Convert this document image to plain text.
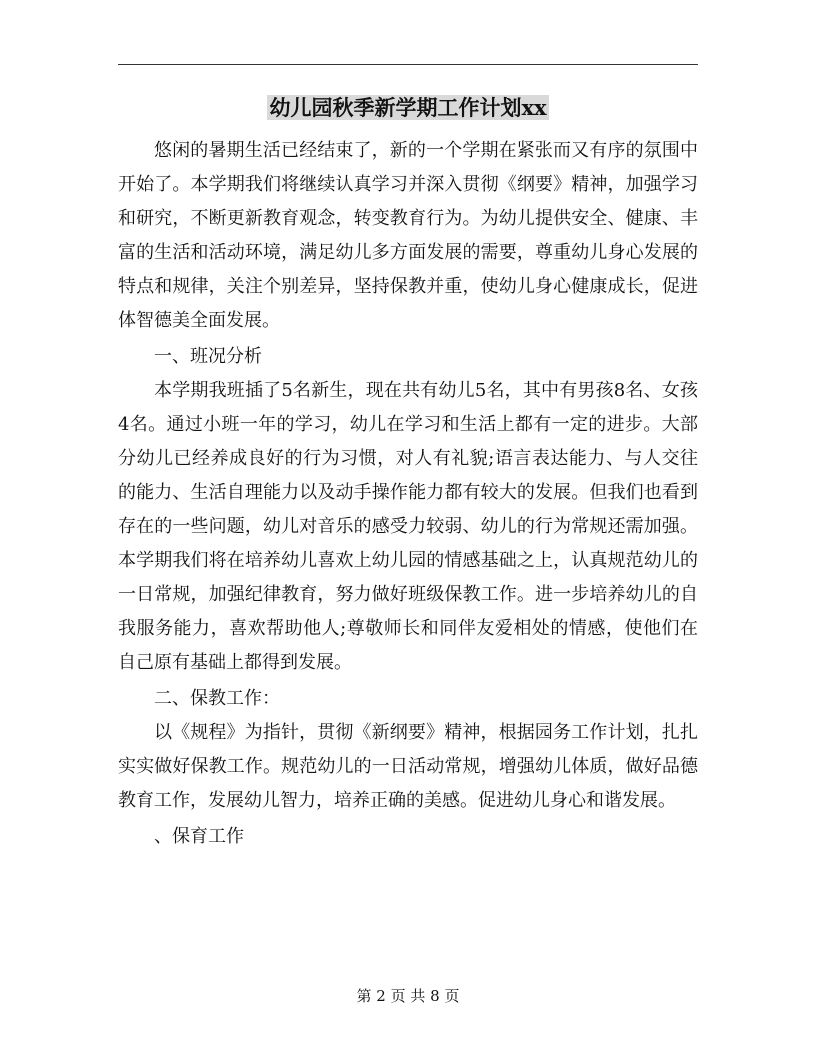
幼儿园秋季新学期工作计划xx

悠闲的暑期生活已经结束了，新的一个学期在紧张而又有序的氛围中开始了。本学期我们将继续认真学习并深入贯彻《纲要》精神，加强学习和研究，不断更新教育观念，转变教育行为。为幼儿提供安全、健康、丰富的生活和活动环境，满足幼儿多方面发展的需要，尊重幼儿身心发展的特点和规律，关注个别差异，坚持保教并重，使幼儿身心健康成长，促进体智德美全面发展。

一、班况分析

本学期我班插了5名新生，现在共有幼儿5名，其中有男孩8名、女孩4名。通过小班一年的学习，幼儿在学习和生活上都有一定的进步。大部分幼儿已经养成良好的行为习惯，对人有礼貌;语言表达能力、与人交往的能力、生活自理能力以及动手操作能力都有较大的发展。但我们也看到存在的一些问题，幼儿对音乐的感受力较弱、幼儿的行为常规还需加强。本学期我们将在培养幼儿喜欢上幼儿园的情感基础之上，认真规范幼儿的一日常规，加强纪律教育，努力做好班级保教工作。进一步培养幼儿的自我服务能力，喜欢帮助他人;尊敬师长和同伴友爱相处的情感，使他们在自己原有基础上都得到发展。

二、保教工作：

以《规程》为指针，贯彻《新纲要》精神，根据园务工作计划，扎扎实实做好保教工作。规范幼儿的一日活动常规，增强幼儿体质，做好品德教育工作，发展幼儿智力，培养正确的美感。促进幼儿身心和谐发展。

、保育工作

第 2 页 共 8 页
